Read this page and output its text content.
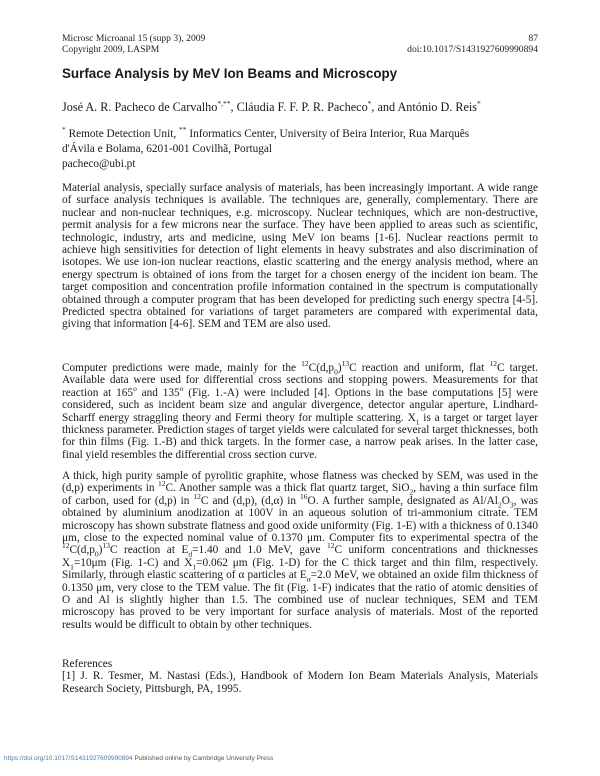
Microsc Microanal 15 (supp 3), 2009
Copyright 2009, LASPM
87
doi:10.1017/S1431927609990894
Surface Analysis by MeV Ion Beams and Microscopy
José A. R. Pacheco de Carvalho*,**, Cláudia F. F. P. R. Pacheco*, and António D. Reis*
* Remote Detection Unit, ** Informatics Center, University of Beira Interior, Rua Marquês
d'Ávila e Bolama, 6201-001 Covilhã, Portugal
pacheco@ubi.pt
Material analysis, specially surface analysis of materials, has been increasingly important. A wide range of surface analysis techniques is available. The techniques are, generally, complementary. There are nuclear and non-nuclear techniques, e.g. microscopy. Nuclear techniques, which are non-destructive, permit analysis for a few microns near the surface. They have been applied to areas such as scientific, technologic, industry, arts and medicine, using MeV ion beams [1-6]. Nuclear reactions permit to achieve high sensitivities for detection of light elements in heavy substrates and also discrimination of isotopes. We use ion-ion nuclear reactions, elastic scattering and the energy analysis method, where an energy spectrum is obtained of ions from the target for a chosen energy of the incident ion beam. The target composition and concentration profile information contained in the spectrum is computationally obtained through a computer program that has been developed for predicting such energy spectra [4-5]. Predicted spectra obtained for variations of target parameters are compared with experimental data, giving that information [4-6]. SEM and TEM are also used.
Computer predictions were made, mainly for the $^{12}C(d,p_0)^{13}C$ reaction and uniform, flat $^{12}$C target. Available data were used for differential cross sections and stopping powers. Measurements for that reaction at 165$^o$ and 135$^o$ (Fig. 1.-A) were included [4]. Options in the base computations [5] were considered, such as incident beam size and angular divergence, detector angular aperture, Lindhard-Scharff energy straggling theory and Fermi theory for multiple scattering. $X_1$ is a target or target layer thickness parameter. Prediction stages of target yields were calculated for several target thicknesses, both for thin films (Fig. 1.-B) and thick targets. In the former case, a narrow peak arises. In the latter case, final yield resembles the differential cross section curve.
A thick, high purity sample of pyrolitic graphite, whose flatness was checked by SEM, was used in the (d,p) experiments in $^{12}$C. Another sample was a thick flat quartz target, SiO$_2$, having a thin surface film of carbon, used for (d,p) in $^{12}$C and (d,p), (d,α) in $^{16}$O. A further sample, designated as $Al/Al_2O_3$, was obtained by aluminium anodization at 100V in an aqueous solution of tri-ammonium citrate. TEM microscopy has shown substrate flatness and good oxide uniformity (Fig. 1-E) with a thickness of 0.1340 μm, close to the expected nominal value of 0.1370 μm. Computer fits to experimental spectra of the $^{12}C(d,p_0)^{13}C$ reaction at $E_d=1.40$ and 1.0 MeV, gave $^{12}$C uniform concentrations and thicknesses $X_1=10\mu m$ (Fig. 1-C) and $X_1=0.062$ μm (Fig. 1-D) for the C thick target and thin film, respectively. Similarly, through elastic scattering of α particles at $E_\alpha=2.0$ MeV, we obtained an oxide film thickness of 0.1350 μm, very close to the TEM value. The fit (Fig. 1-F) indicates that the ratio of atomic densities of O and Al is slightly higher than 1.5. The combined use of nuclear techniques, SEM and TEM microscopy has proved to be very important for surface analysis of materials. Most of the reported results would be difficult to obtain by other techniques.
References
[1] J. R. Tesmer, M. Nastasi (Eds.), Handbook of Modern Ion Beam Materials Analysis, Materials Research Society, Pittsburgh, PA, 1995.
https://doi.org/10.1017/S1431927609990894 Published online by Cambridge University Press
